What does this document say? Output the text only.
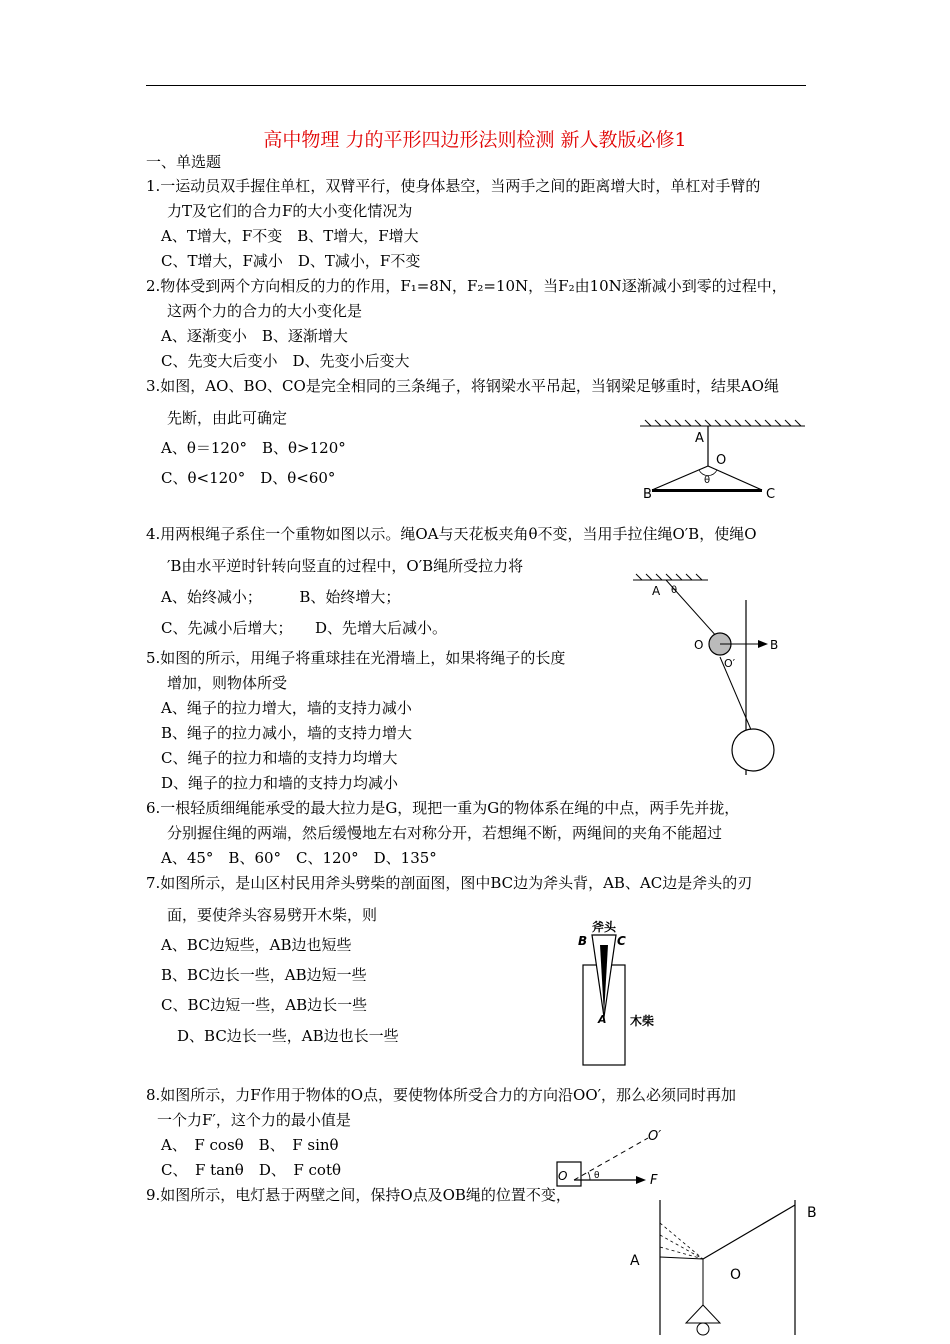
高中物理 力的平形四边形法则检测 新人教版必修1
一、单选题
1.一运动员双手握住单杠，双臂平行，使身体悬空，当两手之间的距离增大时，单杠对手臂的
力T及它们的合力F的大小变化情况为
A、T增大，F不变　B、T增大，F增大
C、T增大，F减小　D、T减小，F不变
2.物体受到两个方向相反的力的作用，F₁=8N，F₂=10N，当F₂由10N逐渐减小到零的过程中，
这两个力的合力的大小变化是
A、逐渐变小　B、逐渐增大
C、先变大后变小　D、先变小后变大
3.如图，AO、BO、CO是完全相同的三条绳子，将钢梁水平吊起，当钢梁足够重时，结果AO绳
先断，由此可确定
A、θ＝120°　B、θ>120°
C、θ<120°　D、θ<60°
A
O
θ
B	C
4.用两根绳子系住一个重物如图以示。绳OA与天花板夹角θ不变，当用手拉住绳O′B，使绳O
′B由水平逆时针转向竖直的过程中，O′B绳所受拉力将
A、始终减小；　　　B、始终增大；
C、先减小后增大；　　D、先增大后减小。
A θ
O	B
O′
5.如图的所示，用绳子将重球挂在光滑墙上，如果将绳子的长度
增加，则物体所受
A、绳子的拉力增大，墙的支持力减小
B、绳子的拉力减小，墙的支持力增大
C、绳子的拉力和墙的支持力均增大
D、绳子的拉力和墙的支持力均减小
6.一根轻质细绳能承受的最大拉力是G，现把一重为G的物体系在绳的中点，两手先并拢，
分别握住绳的两端，然后缓慢地左右对称分开，若想绳不断，两绳间的夹角不能超过
A、45°　B、60°　C、120°　D、135°
7.如图所示，是山区村民用斧头劈柴的剖面图，图中BC边为斧头背，AB、AC边是斧头的刃
面，要使斧头容易劈开木柴，则
A、BC边短些，AB边也短些
B、BC边长一些，AB边短一些
C、BC边短一些，AB边长一些
D、BC边长一些，AB边也长一些
斧头
B C
A 木柴
8.如图所示，力F作用于物体的O点，要使物体所受合力的方向沿OO′，那么必须同时再加
一个力F′，这个力的最小值是
A、　F cosθ　B、　F sinθ
C、　F tanθ　D、　F cotθ
O′
O	θ	F
9.如图所示，电灯悬于两壁之间，保持O点及OB绳的位置不变，
B
A
O
